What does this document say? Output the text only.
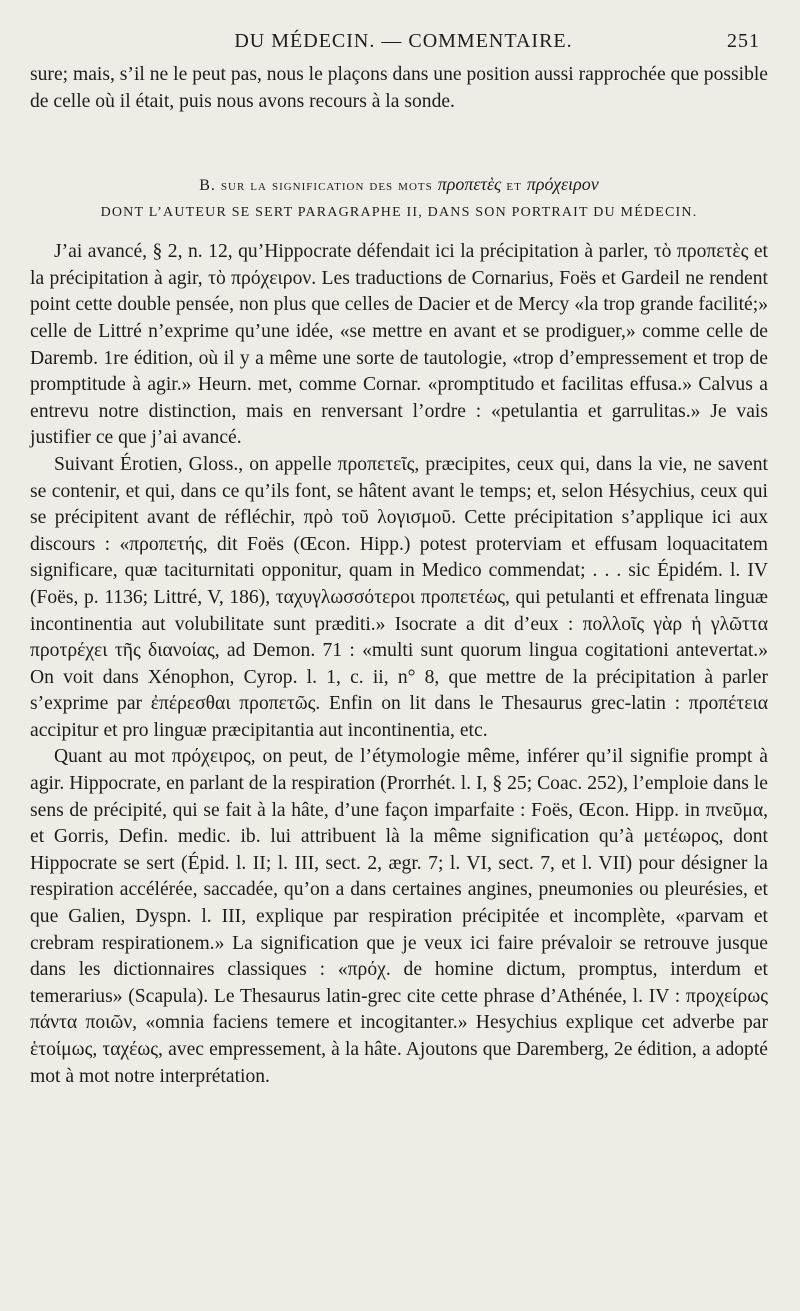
DU MÉDECIN. — COMMENTAIRE.	251

sure; mais, s’il ne le peut pas, nous le plaçons dans une position aussi rapprochée que possible de celle où il était, puis nous avons recours à la sonde.

B. sur la signification des mots προπετὲς et πρόχειρον
DONT L’AUTEUR SE SERT PARAGRAPHE II, DANS SON PORTRAIT DU MÉDECIN.

J’ai avancé, § 2, n. 12, qu’Hippocrate défendait ici la précipitation à parler, τὸ προπετὲς et la précipitation à agir, τὸ πρόχειρον. Les traductions de Cornarius, Foës et Gardeil ne rendent point cette double pensée, non plus que celles de Dacier et de Mercy «la trop grande facilité;» celle de Littré n’exprime qu’une idée, «se mettre en avant et se prodiguer,» comme celle de Daremb. 1re édition, où il y a même une sorte de tautologie, «trop d’empressement et trop de promptitude à agir.» Heurn. met, comme Cornar. «promptitudo et facilitas effusa.» Calvus a entrevu notre distinction, mais en renversant l’ordre : «petulantia et garrulitas.» Je vais justifier ce que j’ai avancé.

Suivant Érotien, Gloss., on appelle προπετεῖς, præcipites, ceux qui, dans la vie, ne savent se contenir, et qui, dans ce qu’ils font, se hâtent avant le temps; et, selon Hésychius, ceux qui se précipitent avant de réfléchir, πρὸ τοῦ λογισμοῦ. Cette précipitation s’applique ici aux discours : «προπετής, dit Foës (Œcon. Hipp.) potest proterviam et effusam loquacitatem significare, quæ taciturnitati opponitur, quam in Medico commendat; . . . sic Épidém. l. IV (Foës, p. 1136; Littré, V, 186), ταχυγλωσσότεροι προπετέως, qui petulanti et effrenata linguæ incontinentia aut volubilitate sunt præditi.» Isocrate a dit d’eux : πολλοῖς γὰρ ἡ γλῶττα προτρέχει τῆς διανοίας, ad Demon. 71 : «multi sunt quorum lingua cogitationi antevertat.» On voit dans Xénophon, Cyrop. l. 1, c. ii, n° 8, que mettre de la précipitation à parler s’exprime par ἐπέρεσθαι προπετῶς. Enfin on lit dans le Thesaurus grec-latin : προπέτεια accipitur et pro linguæ præcipitantia aut incontinentia, etc.

Quant au mot πρόχειρος, on peut, de l’étymologie même, inférer qu’il signifie prompt à agir. Hippocrate, en parlant de la respiration (Prorrhét. l. I, § 25; Coac. 252), l’emploie dans le sens de précipité, qui se fait à la hâte, d’une façon imparfaite : Foës, Œcon. Hipp. in πνεῦμα, et Gorris, Defin. medic. ib. lui attribuent là la même signification qu’à μετέωρος, dont Hippocrate se sert (Épid. l. II; l. III, sect. 2, ægr. 7; l. VI, sect. 7, et l. VII) pour désigner la respiration accélérée, saccadée, qu’on a dans certaines angines, pneumonies ou pleurésies, et que Galien, Dyspn. l. III, explique par respiration précipitée et incomplète, «parvam et crebram respirationem.» La signification que je veux ici faire prévaloir se retrouve jusque dans les dictionnaires classiques : «πρόχ. de homine dictum, promptus, interdum et temerarius» (Scapula). Le Thesaurus latin-grec cite cette phrase d’Athénée, l. IV : προχείρως πάντα ποιῶν, «omnia faciens temere et incogitanter.» Hesychius explique cet adverbe par ἑτοίμως, ταχέως, avec empressement, à la hâte. Ajoutons que Daremberg, 2e édition, a adopté mot à mot notre interprétation.
